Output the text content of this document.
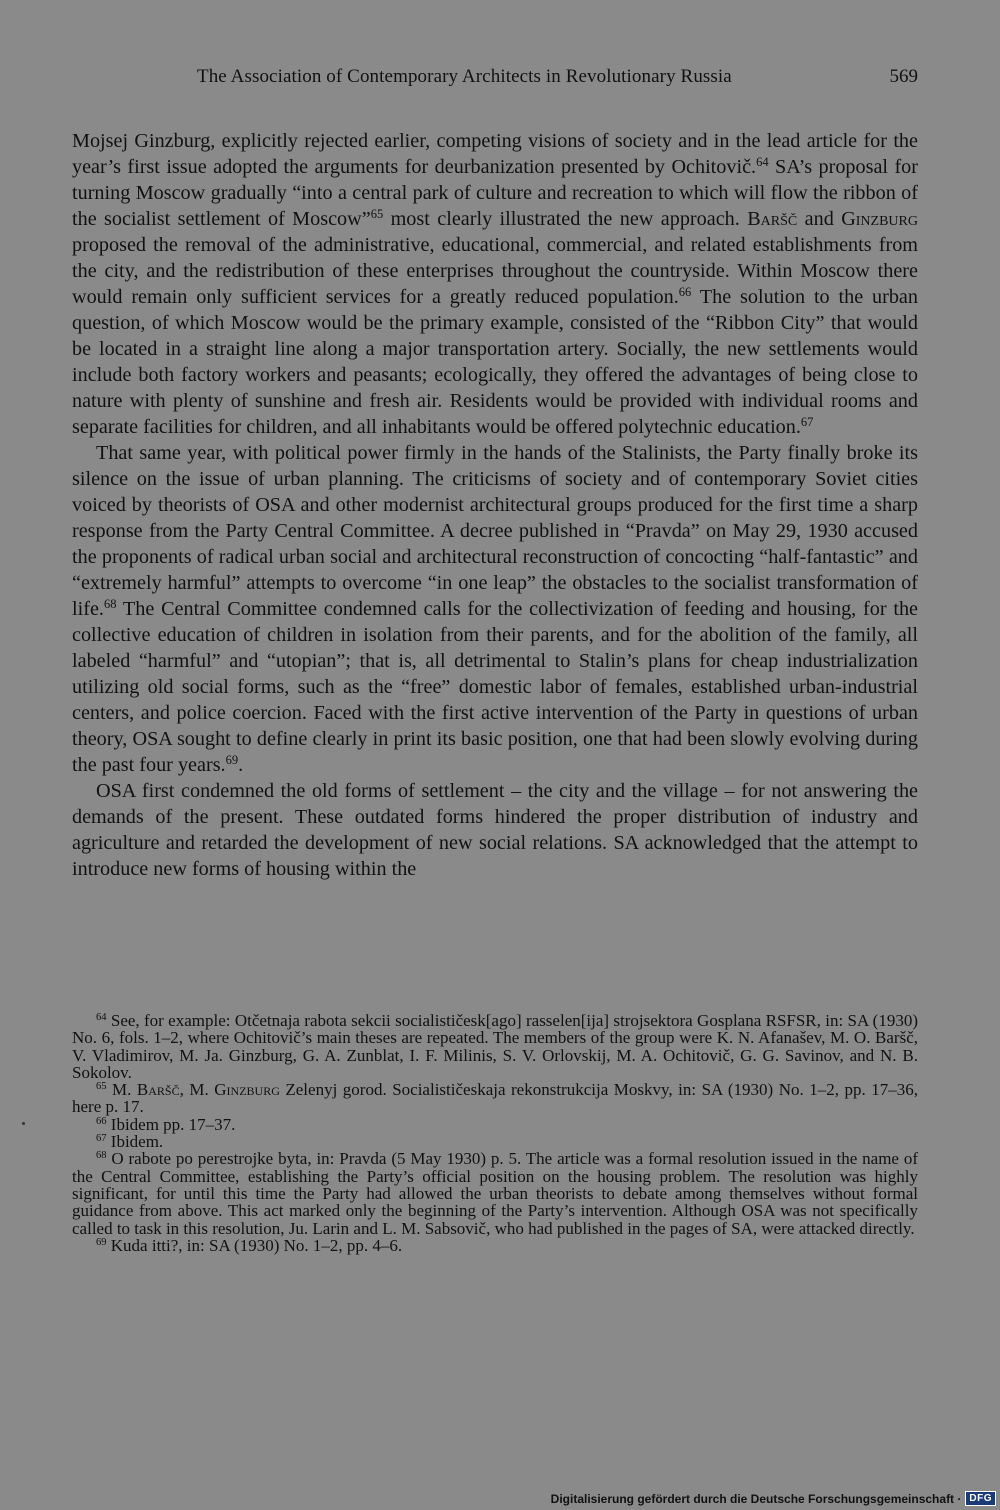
The Association of Contemporary Architects in Revolutionary Russia	569

Mojsej Ginzburg, explicitly rejected earlier, competing visions of society and in the lead article for the year’s first issue adopted the arguments for deurbanization presented by Ochitovič.$^{64}$ SA’s proposal for turning Moscow gradually “into a central park of culture and recreation to which will flow the ribbon of the socialist settlement of Moscow”$^{65}$ most clearly illustrated the new approach. Baršč and Ginzburg proposed the removal of the administrative, educational, commercial, and related establishments from the city, and the redistribution of these enterprises throughout the countryside. Within Moscow there would remain only sufficient services for a greatly reduced population.$^{66}$ The solution to the urban question, of which Moscow would be the primary example, consisted of the “Ribbon City” that would be located in a straight line along a major transportation artery. Socially, the new settlements would include both factory workers and peasants; ecologically, they offered the advantages of being close to nature with plenty of sunshine and fresh air. Residents would be provided with individual rooms and separate facilities for children, and all inhabitants would be offered polytechnic education.$^{67}$

That same year, with political power firmly in the hands of the Stalinists, the Party finally broke its silence on the issue of urban planning. The criticisms of society and of contemporary Soviet cities voiced by theorists of OSA and other modernist architectural groups produced for the first time a sharp response from the Party Central Committee. A decree published in “Pravda” on May 29, 1930 accused the proponents of radical urban social and architectural reconstruction of concocting “half-fantastic” and “extremely harmful” attempts to overcome “in one leap” the obstacles to the socialist transformation of life.$^{68}$ The Central Committee condemned calls for the collectivization of feeding and housing, for the collective education of children in isolation from their parents, and for the abolition of the family, all labeled “harmful” and “utopian”; that is, all detrimental to Stalin’s plans for cheap industrialization utilizing old social forms, such as the “free” domestic labor of females, established urban-industrial centers, and police coercion. Faced with the first active intervention of the Party in questions of urban theory, OSA sought to define clearly in print its basic position, one that had been slowly evolving during the past four years.$^{69}$.

OSA first condemned the old forms of settlement – the city and the village – for not answering the demands of the present. These outdated forms hindered the proper distribution of industry and agriculture and retarded the development of new social relations. SA acknowledged that the attempt to introduce new forms of housing within the

$^{64}$ See, for example: Otčetnaja rabota sekcii socialističesk[ago] rasselen[ija] strojsektora Gosplana RSFSR, in: SA (1930) No. 6, fols. 1–2, where Ochitovič’s main theses are repeated. The members of the group were K. N. Afanašev, M. O. Baršč, V. Vladimirov, M. Ja. Ginzburg, G. A. Zunblat, I. F. Milinis, S. V. Orlovskij, M. A. Ochitovič, G. G. Savinov, and N. B. Sokolov.

$^{65}$ M. Baršč, M. Ginzburg Zelenyj gorod. Socialističeskaja rekonstrukcija Moskvy, in: SA (1930) No. 1–2, pp. 17–36, here p. 17.

$^{66}$ Ibidem pp. 17–37.

$^{67}$ Ibidem.

$^{68}$ O rabote po perestrojke byta, in: Pravda (5 May 1930) p. 5. The article was a formal resolution issued in the name of the Central Committee, establishing the Party’s official position on the housing problem. The resolution was highly significant, for until this time the Party had allowed the urban theorists to debate among themselves without formal guidance from above. This act marked only the beginning of the Party’s intervention. Although OSA was not specifically called to task in this resolution, Ju. Larin and L. M. Sabsovič, who had published in the pages of SA, were attacked directly.

$^{69}$ Kuda itti?, in: SA (1930) No. 1–2, pp. 4–6.

Digitalisierung gefördert durch die Deutsche Forschungsgemeinschaft · DFG
